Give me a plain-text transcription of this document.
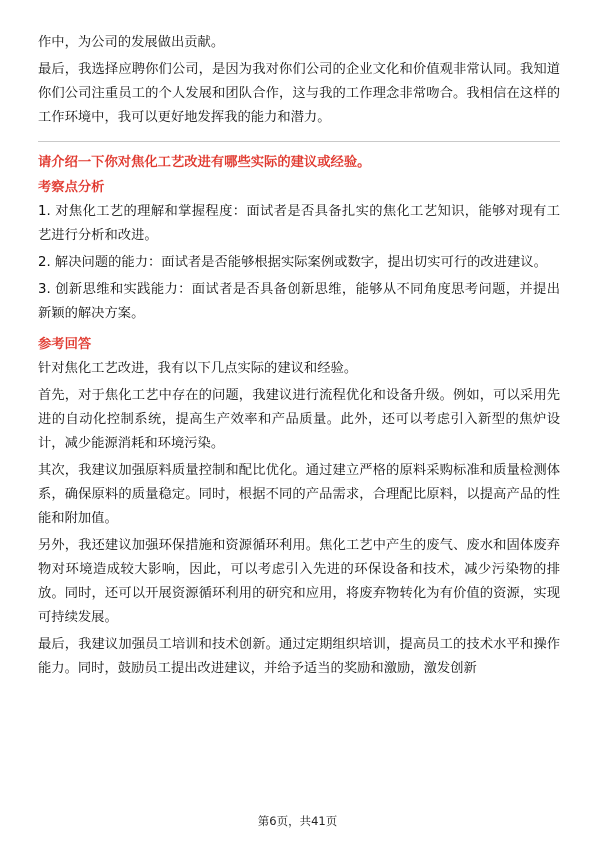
作中，为公司的发展做出贡献。

最后，我选择应聘你们公司，是因为我对你们公司的企业文化和价值观非常认同。我知道你们公司注重员工的个人发展和团队合作，这与我的工作理念非常吻合。我相信在这样的工作环境中，我可以更好地发挥我的能力和潜力。

请介绍一下你对焦化工艺改进有哪些实际的建议或经验。

考察点分析

1. 对焦化工艺的理解和掌握程度：面试者是否具备扎实的焦化工艺知识，能够对现有工艺进行分析和改进。

2. 解决问题的能力：面试者是否能够根据实际案例或数字，提出切实可行的改进建议。

3. 创新思维和实践能力：面试者是否具备创新思维，能够从不同角度思考问题，并提出新颖的解决方案。

参考回答

针对焦化工艺改进，我有以下几点实际的建议和经验。

首先，对于焦化工艺中存在的问题，我建议进行流程优化和设备升级。例如，可以采用先进的自动化控制系统，提高生产效率和产品质量。此外，还可以考虑引入新型的焦炉设计，减少能源消耗和环境污染。

其次，我建议加强原料质量控制和配比优化。通过建立严格的原料采购标准和质量检测体系，确保原料的质量稳定。同时，根据不同的产品需求，合理配比原料，以提高产品的性能和附加值。

另外，我还建议加强环保措施和资源循环利用。焦化工艺中产生的废气、废水和固体废弃物对环境造成较大影响，因此，可以考虑引入先进的环保设备和技术，减少污染物的排放。同时，还可以开展资源循环利用的研究和应用，将废弃物转化为有价值的资源，实现可持续发展。

最后，我建议加强员工培训和技术创新。通过定期组织培训，提高员工的技术水平和操作能力。同时，鼓励员工提出改进建议，并给予适当的奖励和激励，激发创新

第6页，共41页
